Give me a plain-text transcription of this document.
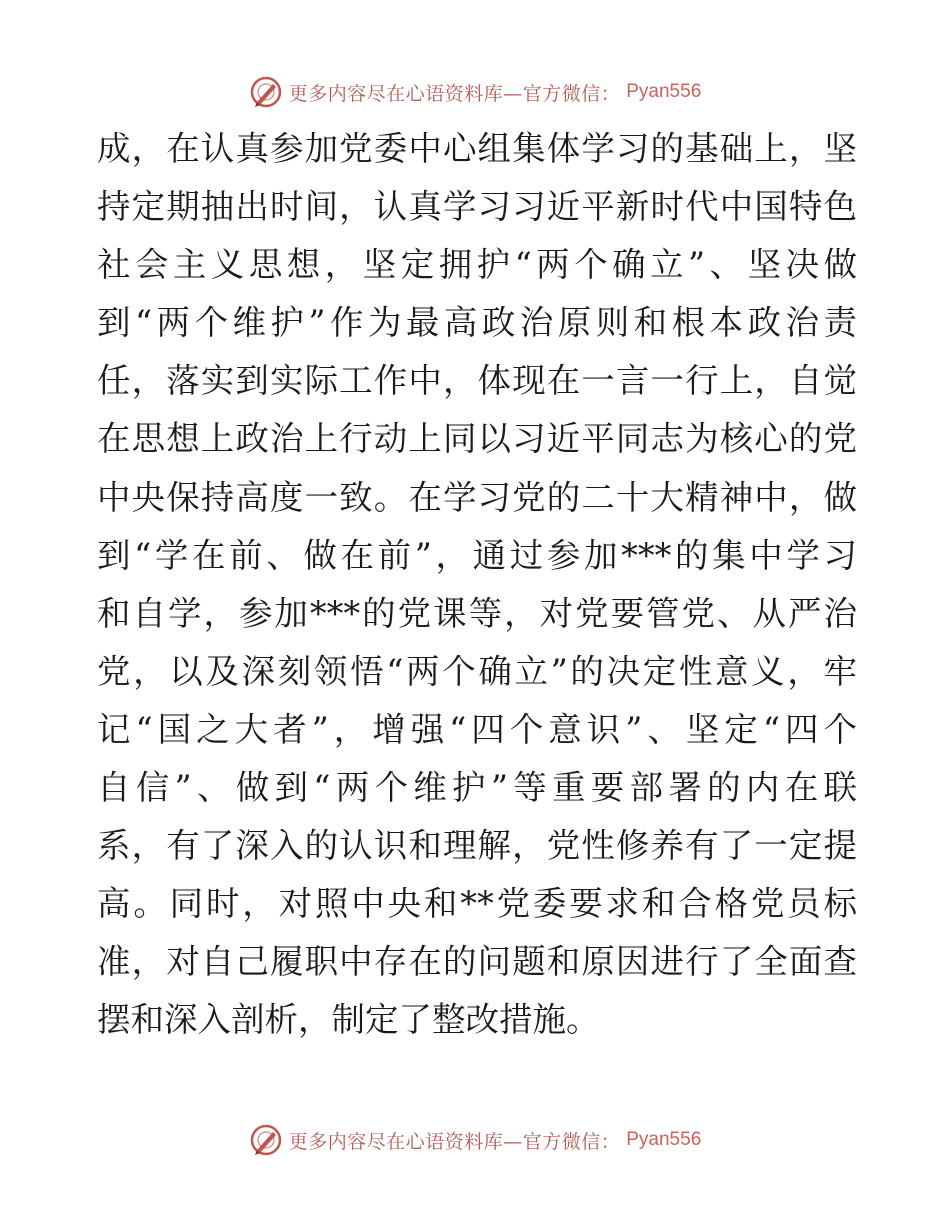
更多内容尽在心语资料库—官方微信： Pyan556
成，在认真参加党委中心组集体学习的基础上，坚
持定期抽出时间，认真学习习近平新时代中国特色
社会主义思想，坚定拥护“两个确立”、坚决做
到“两个维护”作为最高政治原则和根本政治责
任，落实到实际工作中，体现在一言一行上，自觉
在思想上政治上行动上同以习近平同志为核心的党
中央保持高度一致。在学习党的二十大精神中，做
到“学在前、做在前”，通过参加***的集中学习
和自学，参加***的党课等，对党要管党、从严治
党，以及深刻领悟“两个确立”的决定性意义，牢
记“国之大者”，增强“四个意识”、坚定“四个
自信”、做到“两个维护”等重要部署的内在联
系，有了深入的认识和理解，党性修养有了一定提
高。同时，对照中央和**党委要求和合格党员标
准，对自己履职中存在的问题和原因进行了全面查
摆和深入剖析，制定了整改措施。
更多内容尽在心语资料库—官方微信： Pyan556
